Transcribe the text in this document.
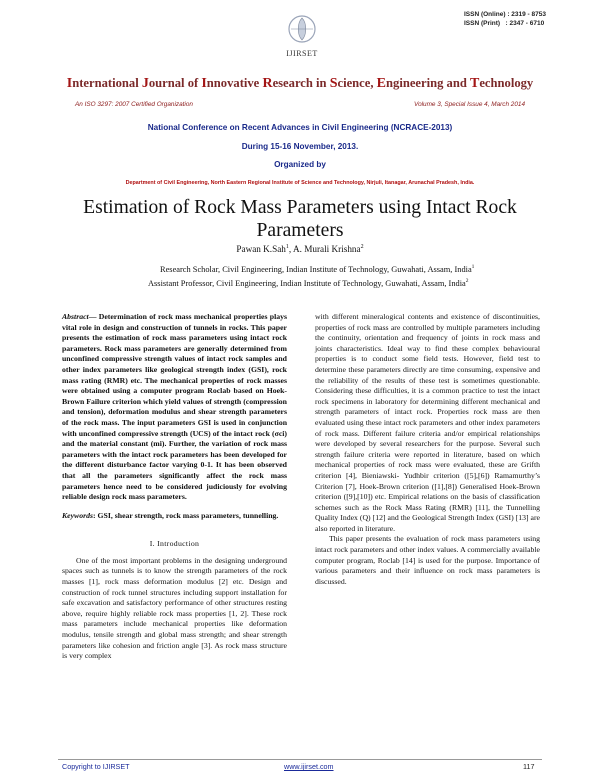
ISSN (Online) : 2319 - 8753
ISSN (Print)   : 2347 - 6710
IJIRSET
International Journal of Innovative Research in Science, Engineering and Technology
An ISO 3297: 2007 Certified Organization	Volume 3, Special Issue 4, March 2014
National Conference on Recent Advances in Civil Engineering (NCRACE-2013)
During 15-16 November, 2013.
Organized by
Department of Civil Engineering, North Eastern Regional Institute of Science and Technology, Nirjuli, Itanagar, Arunachal Pradesh, India.
Estimation of Rock Mass Parameters using Intact Rock Parameters
Pawan K.Sah$^1$, A. Murali Krishna$^2$
Research Scholar, Civil Engineering, Indian Institute of Technology, Guwahati, Assam, India$^1$
Assistant Professor, Civil Engineering, Indian Institute of Technology, Guwahati, Assam, India$^2$

Abstract— Determination of rock mass mechanical properties plays vital role in design and construction of tunnels in rocks. This paper presents the estimation of rock mass parameters using intact rock parameters. Rock mass parameters are generally determined from unconfined compressive strength values of intact rock samples and other index parameters like geological strength index (GSI), rock mass rating (RMR) etc. The mechanical properties of rock masses were obtained using a computer program Roclab based on Hoek- Brown Failure criterion which yield values of strength (compression and tension), deformation modulus and shear strength parameters of the rock mass. The input parameters GSI is used in conjunction with unconfined compressive strength (UCS) of the intact rock (σci) and the material constant (mi). Further, the variation of rock mass parameters with the intact rock parameters has been developed for the different disturbance factor varying 0-1. It has been observed that all the parameters significantly affect the rock mass parameters hence need to be considered judiciously for evolving reliable design rock mass parameters.

Keywords: GSI, shear strength, rock mass parameters, tunnelling.

I. Introduction

One of the most important problems in the designing underground spaces such as tunnels is to know the strength parameters of the rock masses [1], rock mass deformation modulus [2] etc. Design and construction of rock tunnel structures including support installation for safe excavation and satisfactory performance of other structures resting above, require highly reliable rock mass properties [1, 2]. These rock mass parameters include mechanical properties like deformation modulus, tensile strength and global mass strength; and shear strength parameters like cohesion and friction angle [3]. As rock mass structure is very complex

with different mineralogical contents and existence of discontinuities, properties of rock mass are controlled by multiple parameters including the continuity, orientation and frequency of joints in rock mass and joints characteristics. Ideal way to find these complex behavioural properties is to conduct some field tests. However, field test to determine these parameters directly are time consuming, expensive and the reliability of the results of these test is sometimes questionable. Considering these difficulties, it is a common practice to test the intact rock specimens in laboratory for determining different mechanical and strength parameters of intact rock. Properties rock mass are then evaluated using these intact rock parameters and other index parameters of rock mass. Different failure criteria and/or empirical relationships were developed by several researchers for the purpose. Several such strength failure criteria were reported in literature, based on which mechanical properties of rock mass were evaluated, these are Grifth criterion [4], Bieniawski- Yudhbir criterion ([5],[6]) Ramamurthy’s Criterion [7], Hoek-Brown criterion ([1],[8]) Generalised Hoek-Brown criterion ([9],[10]) etc. Empirical relations on the basis of classification schemes such as the Rock Mass Rating (RMR) [11], the Tunnelling Quality Index (Q) [12] and the Geological Strength Index (GSI) [13] are also reported in literature.

This paper presents the evaluation of rock mass parameters using intact rock parameters and other index values. A commercially available computer program, Roclab [14] is used for the purpose. Importance of various parameters and their influence on rock mass parameters is discussed.

Copyright to IJIRSET	www.ijirset.com	117
